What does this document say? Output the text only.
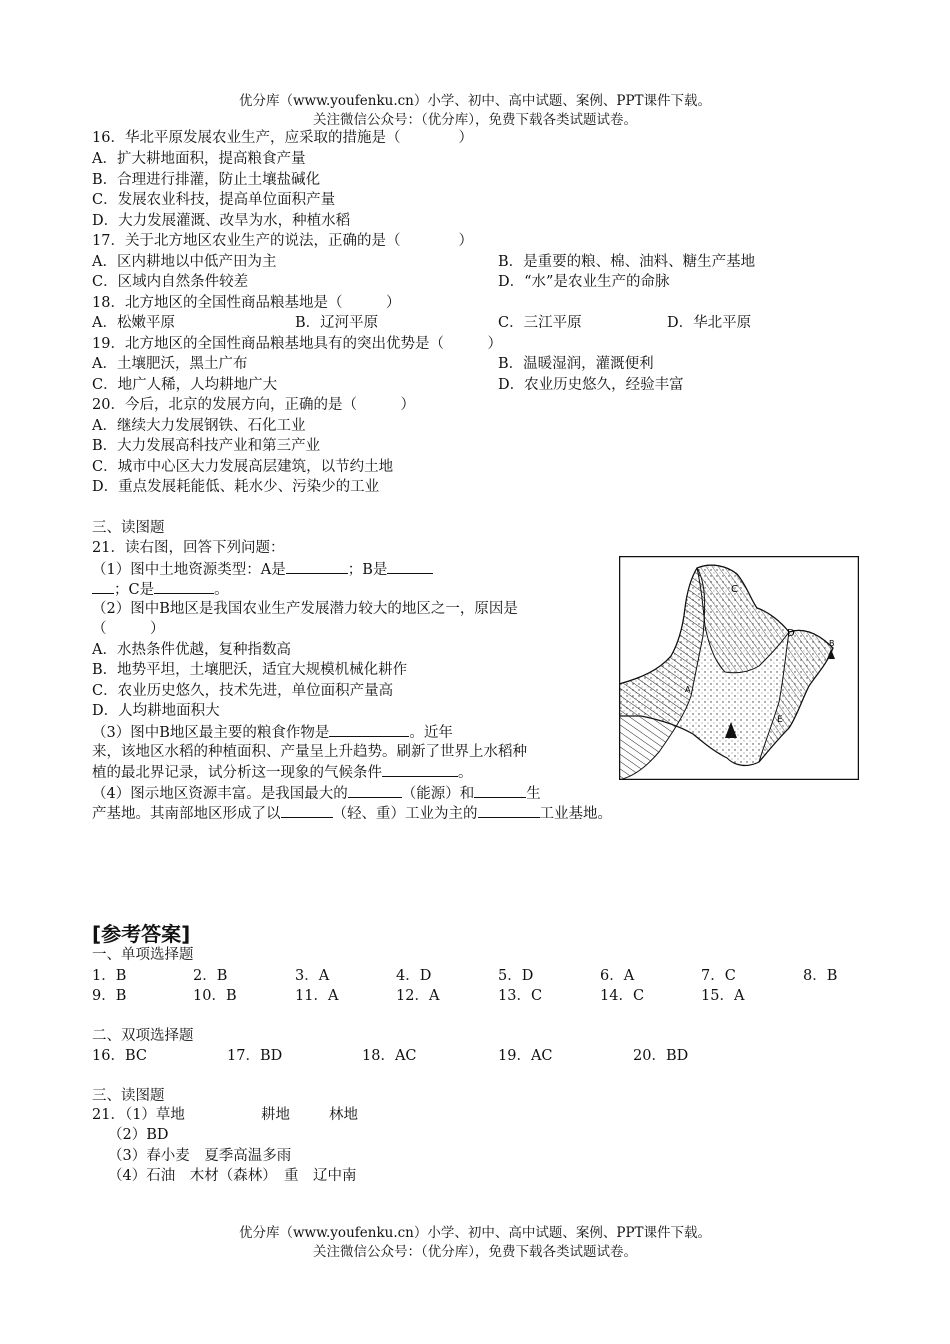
优分库（www.youfenku.cn）小学、初中、高中试题、案例、PPT课件下载。
关注微信公众号：（优分库），免费下载各类试题试卷。
16．华北平原发展农业生产，应采取的措施是（　　　　）
A．扩大耕地面积，提高粮食产量
B．合理进行排灌，防止土壤盐碱化
C．发展农业科技，提高单位面积产量
D．大力发展灌溉、改旱为水，种植水稻
17．关于北方地区农业生产的说法，正确的是（　　　　）
A．区内耕地以中低产田为主	B．是重要的粮、棉、油料、糖生产基地
C．区域内自然条件较差	D．“水”是农业生产的命脉
18．北方地区的全国性商品粮基地是（　　　）
A．松嫩平原	B．辽河平原	C．三江平原	D．华北平原
19．北方地区的全国性商品粮基地具有的突出优势是（　　　）
A．土壤肥沃，黑土广布	B．温暖湿润，灌溉便利
C．地广人稀，人均耕地广大	D．农业历史悠久，经验丰富
20．今后，北京的发展方向，正确的是（　　　）
A．继续大力发展钢铁、石化工业
B．大力发展高科技产业和第三产业
C．城市中心区大力发展高层建筑，以节约土地
D．重点发展耗能低、耗水少、污染少的工业
三、读图题
21．读右图，回答下列问题：
（1）图中土地资源类型：A是	；B是
；C是	。
（2）图中B地区是我国农业生产发展潜力较大的地区之一，原因是
（　　　）
A．水热条件优越，复种指数高
B．地势平坦，土壤肥沃，适宜大规模机械化耕作
C．农业历史悠久，技术先进，单位面积产量高
D．人均耕地面积大
（3）图中B地区最主要的粮食作物是	。近年
来，该地区水稻的种植面积、产量呈上升趋势。刷新了世界上水稻种
植的最北界记录，试分析这一现象的气候条件	。
（4）图示地区资源丰富。是我国最大的	（能源）和	生
产基地。其南部地区形成了以	（轻、重）工业为主的	工业基地。
C
D
B
A
E
[参考答案]
一、单项选择题
1．B	2．B	3．A	4．D	5．D	6．A	7．C	8．B
9．B	10．B	11．A	12．A	13．C	14．C	15．A
二、双项选择题
16．BC	17．BD	18．AC	19．AC	20．BD
三、读图题
21．（1）草地	耕地	林地
（2）BD
（3）春小麦　夏季高温多雨
（4）石油　木材（森林）　重　辽中南
优分库（www.youfenku.cn）小学、初中、高中试题、案例、PPT课件下载。
关注微信公众号：（优分库），免费下载各类试题试卷。
